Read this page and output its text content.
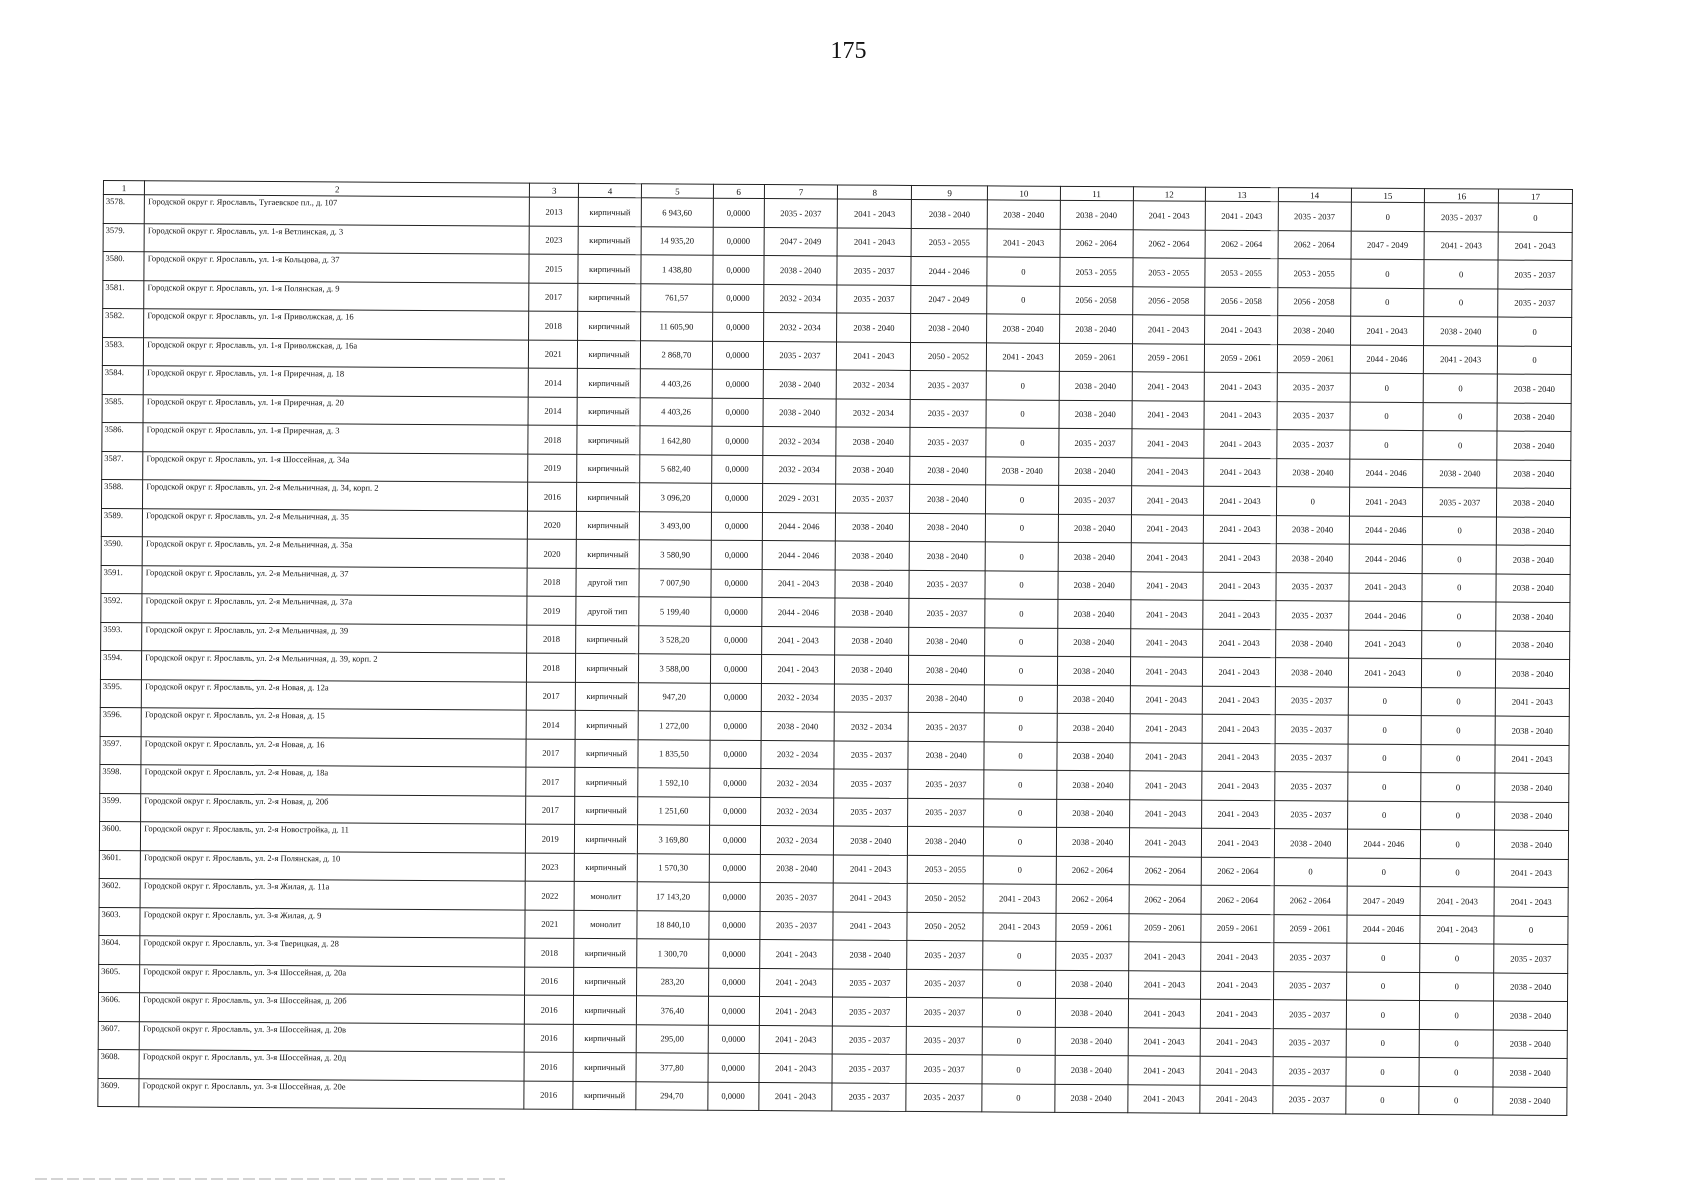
175
1	2	3	4	5	6	7	8	9	10	11	12	13	14	15	16	17
3578.	Городской округ г. Ярославль, Тугаевское пл., д. 107	2013	кирпичный	6 943,60	0,0000	2035 - 2037	2041 - 2043	2038 - 2040	2038 - 2040	2038 - 2040	2041 - 2043	2041 - 2043	2035 - 2037	0	2035 - 2037	0
3579.	Городской округ г. Ярославль, ул. 1-я Ветлинская, д. 3	2023	кирпичный	14 935,20	0,0000	2047 - 2049	2041 - 2043	2053 - 2055	2041 - 2043	2062 - 2064	2062 - 2064	2062 - 2064	2062 - 2064	2047 - 2049	2041 - 2043	2041 - 2043
3580.	Городской округ г. Ярославль, ул. 1-я Кольцова, д. 37	2015	кирпичный	1 438,80	0,0000	2038 - 2040	2035 - 2037	2044 - 2046	0	2053 - 2055	2053 - 2055	2053 - 2055	2053 - 2055	0	0	2035 - 2037
3581.	Городской округ г. Ярославль, ул. 1-я Полянская, д. 9	2017	кирпичный	761,57	0,0000	2032 - 2034	2035 - 2037	2047 - 2049	0	2056 - 2058	2056 - 2058	2056 - 2058	2056 - 2058	0	0	2035 - 2037
3582.	Городской округ г. Ярославль, ул. 1-я Приволжская, д. 16	2018	кирпичный	11 605,90	0,0000	2032 - 2034	2038 - 2040	2038 - 2040	2038 - 2040	2038 - 2040	2041 - 2043	2041 - 2043	2038 - 2040	2041 - 2043	2038 - 2040	0
3583.	Городской округ г. Ярославль, ул. 1-я Приволжская, д. 16а	2021	кирпичный	2 868,70	0,0000	2035 - 2037	2041 - 2043	2050 - 2052	2041 - 2043	2059 - 2061	2059 - 2061	2059 - 2061	2059 - 2061	2044 - 2046	2041 - 2043	0
3584.	Городской округ г. Ярославль, ул. 1-я Приречная, д. 18	2014	кирпичный	4 403,26	0,0000	2038 - 2040	2032 - 2034	2035 - 2037	0	2038 - 2040	2041 - 2043	2041 - 2043	2035 - 2037	0	0	2038 - 2040
3585.	Городской округ г. Ярославль, ул. 1-я Приречная, д. 20	2014	кирпичный	4 403,26	0,0000	2038 - 2040	2032 - 2034	2035 - 2037	0	2038 - 2040	2041 - 2043	2041 - 2043	2035 - 2037	0	0	2038 - 2040
3586.	Городской округ г. Ярославль, ул. 1-я Приречная, д. 3	2018	кирпичный	1 642,80	0,0000	2032 - 2034	2038 - 2040	2035 - 2037	0	2035 - 2037	2041 - 2043	2041 - 2043	2035 - 2037	0	0	2038 - 2040
3587.	Городской округ г. Ярославль, ул. 1-я Шоссейная, д. 34а	2019	кирпичный	5 682,40	0,0000	2032 - 2034	2038 - 2040	2038 - 2040	2038 - 2040	2038 - 2040	2041 - 2043	2041 - 2043	2038 - 2040	2044 - 2046	2038 - 2040	2038 - 2040
3588.	Городской округ г. Ярославль, ул. 2-я Мельничная, д. 34, корп. 2	2016	кирпичный	3 096,20	0,0000	2029 - 2031	2035 - 2037	2038 - 2040	0	2035 - 2037	2041 - 2043	2041 - 2043	0	2041 - 2043	2035 - 2037	2038 - 2040
3589.	Городской округ г. Ярославль, ул. 2-я Мельничная, д. 35	2020	кирпичный	3 493,00	0,0000	2044 - 2046	2038 - 2040	2038 - 2040	0	2038 - 2040	2041 - 2043	2041 - 2043	2038 - 2040	2044 - 2046	0	2038 - 2040
3590.	Городской округ г. Ярославль, ул. 2-я Мельничная, д. 35а	2020	кирпичный	3 580,90	0,0000	2044 - 2046	2038 - 2040	2038 - 2040	0	2038 - 2040	2041 - 2043	2041 - 2043	2038 - 2040	2044 - 2046	0	2038 - 2040
3591.	Городской округ г. Ярославль, ул. 2-я Мельничная, д. 37	2018	другой тип	7 007,90	0,0000	2041 - 2043	2038 - 2040	2035 - 2037	0	2038 - 2040	2041 - 2043	2041 - 2043	2035 - 2037	2041 - 2043	0	2038 - 2040
3592.	Городской округ г. Ярославль, ул. 2-я Мельничная, д. 37а	2019	другой тип	5 199,40	0,0000	2044 - 2046	2038 - 2040	2035 - 2037	0	2038 - 2040	2041 - 2043	2041 - 2043	2035 - 2037	2044 - 2046	0	2038 - 2040
3593.	Городской округ г. Ярославль, ул. 2-я Мельничная, д. 39	2018	кирпичный	3 528,20	0,0000	2041 - 2043	2038 - 2040	2038 - 2040	0	2038 - 2040	2041 - 2043	2041 - 2043	2038 - 2040	2041 - 2043	0	2038 - 2040
3594.	Городской округ г. Ярославль, ул. 2-я Мельничная, д. 39, корп. 2	2018	кирпичный	3 588,00	0,0000	2041 - 2043	2038 - 2040	2038 - 2040	0	2038 - 2040	2041 - 2043	2041 - 2043	2038 - 2040	2041 - 2043	0	2038 - 2040
3595.	Городской округ г. Ярославль, ул. 2-я Новая, д. 12а	2017	кирпичный	947,20	0,0000	2032 - 2034	2035 - 2037	2038 - 2040	0	2038 - 2040	2041 - 2043	2041 - 2043	2035 - 2037	0	0	2041 - 2043
3596.	Городской округ г. Ярославль, ул. 2-я Новая, д. 15	2014	кирпичный	1 272,00	0,0000	2038 - 2040	2032 - 2034	2035 - 2037	0	2038 - 2040	2041 - 2043	2041 - 2043	2035 - 2037	0	0	2038 - 2040
3597.	Городской округ г. Ярославль, ул. 2-я Новая, д. 16	2017	кирпичный	1 835,50	0,0000	2032 - 2034	2035 - 2037	2038 - 2040	0	2038 - 2040	2041 - 2043	2041 - 2043	2035 - 2037	0	0	2041 - 2043
3598.	Городской округ г. Ярославль, ул. 2-я Новая, д. 18а	2017	кирпичный	1 592,10	0,0000	2032 - 2034	2035 - 2037	2035 - 2037	0	2038 - 2040	2041 - 2043	2041 - 2043	2035 - 2037	0	0	2038 - 2040
3599.	Городской округ г. Ярославль, ул. 2-я Новая, д. 20б	2017	кирпичный	1 251,60	0,0000	2032 - 2034	2035 - 2037	2035 - 2037	0	2038 - 2040	2041 - 2043	2041 - 2043	2035 - 2037	0	0	2038 - 2040
3600.	Городской округ г. Ярославль, ул. 2-я Новостройка, д. 11	2019	кирпичный	3 169,80	0,0000	2032 - 2034	2038 - 2040	2038 - 2040	0	2038 - 2040	2041 - 2043	2041 - 2043	2038 - 2040	2044 - 2046	0	2038 - 2040
3601.	Городской округ г. Ярославль, ул. 2-я Полянская, д. 10	2023	кирпичный	1 570,30	0,0000	2038 - 2040	2041 - 2043	2053 - 2055	0	2062 - 2064	2062 - 2064	2062 - 2064	0	0	0	2041 - 2043
3602.	Городской округ г. Ярославль, ул. 3-я Жилая, д. 11а	2022	монолит	17 143,20	0,0000	2035 - 2037	2041 - 2043	2050 - 2052	2041 - 2043	2062 - 2064	2062 - 2064	2062 - 2064	2062 - 2064	2047 - 2049	2041 - 2043	2041 - 2043
3603.	Городской округ г. Ярославль, ул. 3-я Жилая, д. 9	2021	монолит	18 840,10	0,0000	2035 - 2037	2041 - 2043	2050 - 2052	2041 - 2043	2059 - 2061	2059 - 2061	2059 - 2061	2059 - 2061	2044 - 2046	2041 - 2043	0
3604.	Городской округ г. Ярославль, ул. 3-я Тверицкая, д. 28	2018	кирпичный	1 300,70	0,0000	2041 - 2043	2038 - 2040	2035 - 2037	0	2035 - 2037	2041 - 2043	2041 - 2043	2035 - 2037	0	0	2035 - 2037
3605.	Городской округ г. Ярославль, ул. 3-я Шоссейная, д. 20а	2016	кирпичный	283,20	0,0000	2041 - 2043	2035 - 2037	2035 - 2037	0	2038 - 2040	2041 - 2043	2041 - 2043	2035 - 2037	0	0	2038 - 2040
3606.	Городской округ г. Ярославль, ул. 3-я Шоссейная, д. 20б	2016	кирпичный	376,40	0,0000	2041 - 2043	2035 - 2037	2035 - 2037	0	2038 - 2040	2041 - 2043	2041 - 2043	2035 - 2037	0	0	2038 - 2040
3607.	Городской округ г. Ярославль, ул. 3-я Шоссейная, д. 20в	2016	кирпичный	295,00	0,0000	2041 - 2043	2035 - 2037	2035 - 2037	0	2038 - 2040	2041 - 2043	2041 - 2043	2035 - 2037	0	0	2038 - 2040
3608.	Городской округ г. Ярославль, ул. 3-я Шоссейная, д. 20д	2016	кирпичный	377,80	0,0000	2041 - 2043	2035 - 2037	2035 - 2037	0	2038 - 2040	2041 - 2043	2041 - 2043	2035 - 2037	0	0	2038 - 2040
3609.	Городской округ г. Ярославль, ул. 3-я Шоссейная, д. 20е	2016	кирпичный	294,70	0,0000	2041 - 2043	2035 - 2037	2035 - 2037	0	2038 - 2040	2041 - 2043	2041 - 2043	2035 - 2037	0	0	2038 - 2040
